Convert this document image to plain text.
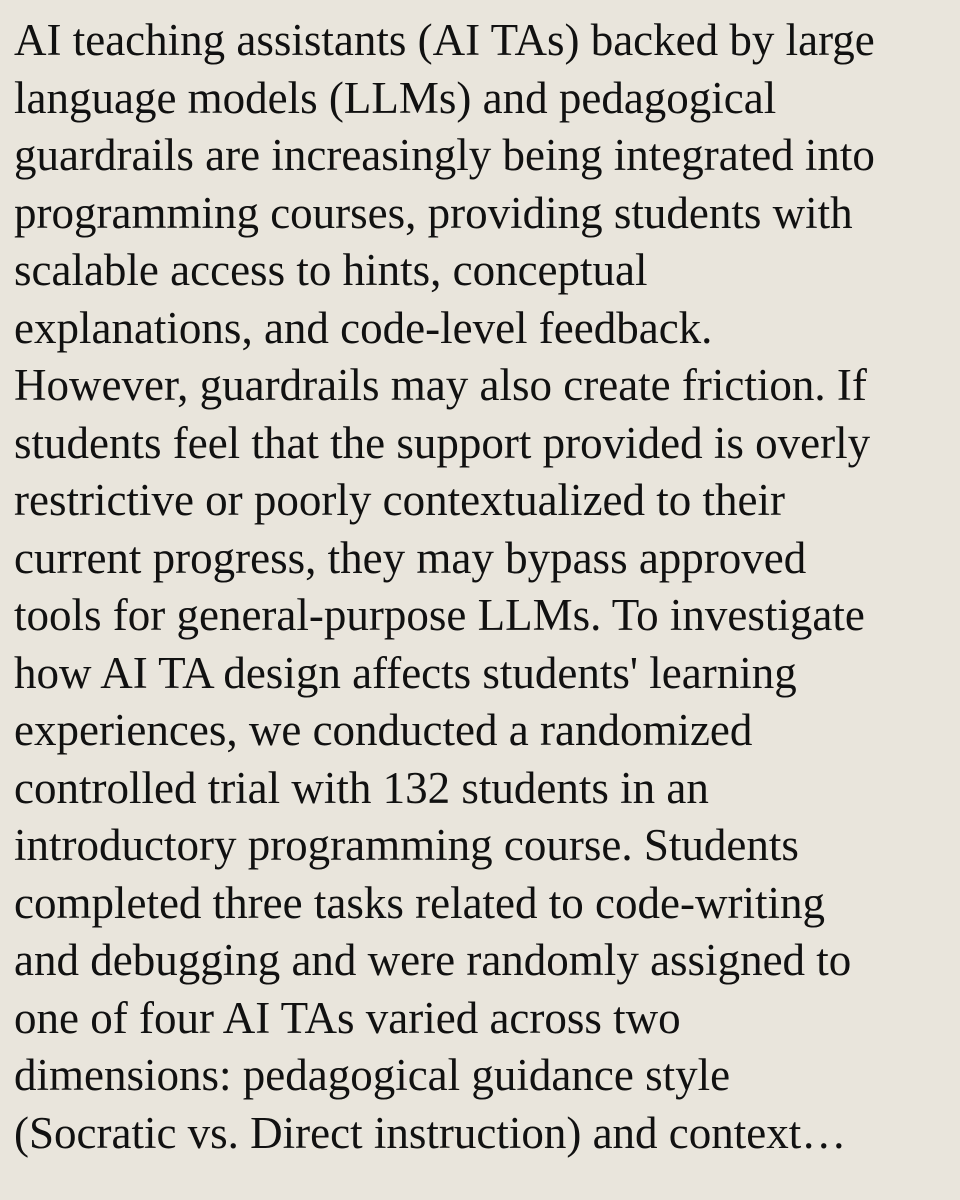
AI teaching assistants (AI TAs) backed by large
language models (LLMs) and pedagogical
guardrails are increasingly being integrated into
programming courses, providing students with
scalable access to hints, conceptual
explanations, and code-level feedback.
However, guardrails may also create friction. If
students feel that the support provided is overly
restrictive or poorly contextualized to their
current progress, they may bypass approved
tools for general-purpose LLMs. To investigate
how AI TA design affects students' learning
experiences, we conducted a randomized
controlled trial with 132 students in an
introductory programming course. Students
completed three tasks related to code-writing
and debugging and were randomly assigned to
one of four AI TAs varied across two
dimensions: pedagogical guidance style
(Socratic vs. Direct instruction) and context…
